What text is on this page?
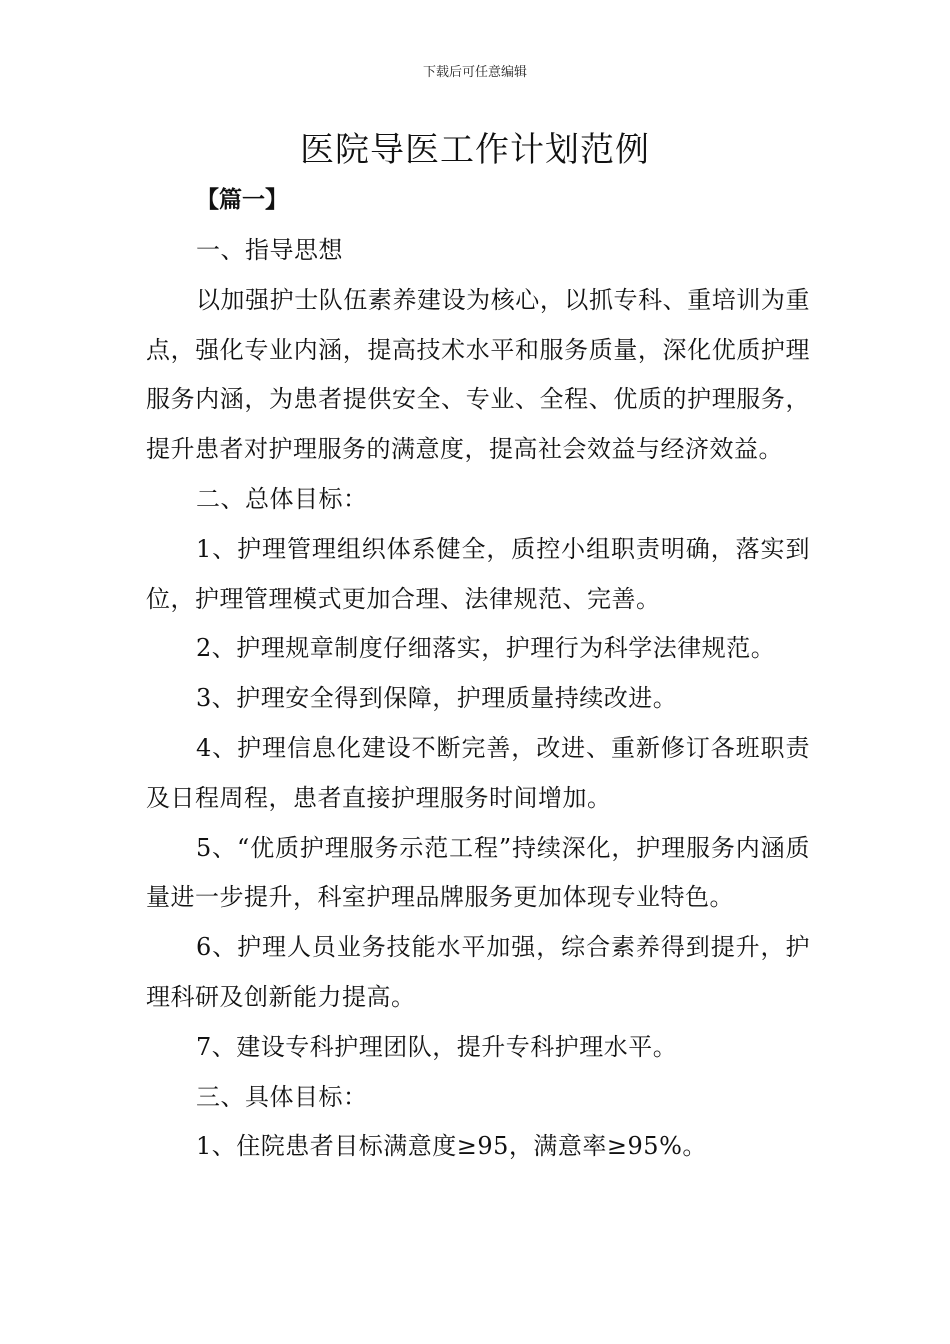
下载后可任意编辑
医院导医工作计划范例
【篇一】

一、指导思想

以加强护士队伍素养建设为核心，以抓专科、重培训为重点，强化专业内涵，提高技术水平和服务质量，深化优质护理服务内涵，为患者提供安全、专业、全程、优质的护理服务，提升患者对护理服务的满意度，提高社会效益与经济效益。

二、总体目标：

1、护理管理组织体系健全，质控小组职责明确，落实到位，护理管理模式更加合理、法律规范、完善。

2、护理规章制度仔细落实，护理行为科学法律规范。

3、护理安全得到保障，护理质量持续改进。

4、护理信息化建设不断完善，改进、重新修订各班职责及日程周程，患者直接护理服务时间增加。

5、“优质护理服务示范工程”持续深化，护理服务内涵质量进一步提升，科室护理品牌服务更加体现专业特色。

6、护理人员业务技能水平加强，综合素养得到提升，护理科研及创新能力提高。

7、建设专科护理团队，提升专科护理水平。

三、具体目标：

1、住院患者目标满意度≥95，满意率≥95%。
